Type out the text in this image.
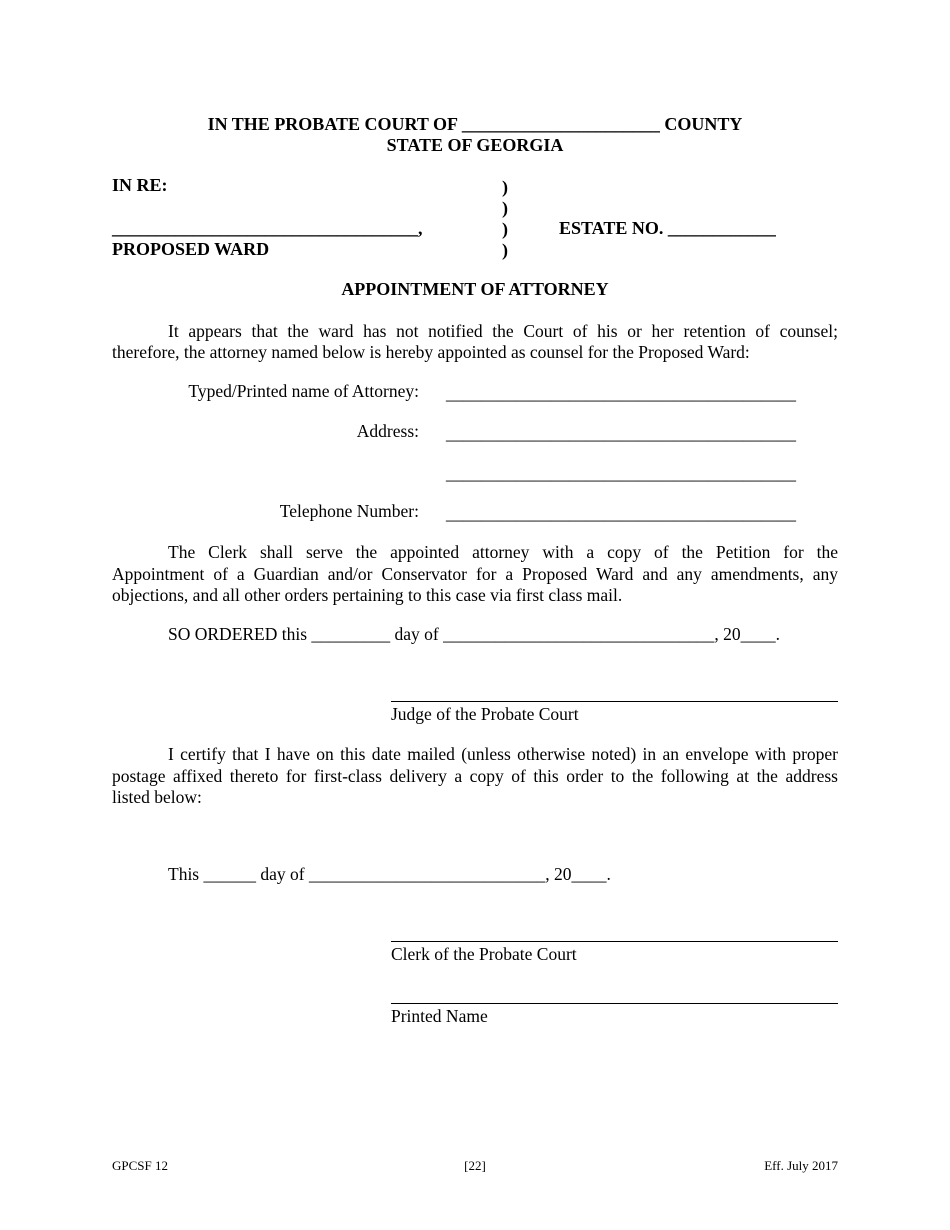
IN THE PROBATE COURT OF ______________________ COUNTY
STATE OF GEORGIA
IN RE:
__________________________________,
PROPOSED WARD
)
)
)
)
ESTATE NO. ____________
APPOINTMENT OF ATTORNEY
It appears that the ward has not notified the Court of his or her retention of counsel;
therefore, the attorney named below is hereby appointed as counsel for the Proposed Ward:
Typed/Printed name of Attorney: ________________________________________
Address: ________________________________________
________________________________________
Telephone Number: ________________________________________
The Clerk shall serve the appointed attorney with a copy of the Petition for the
Appointment of a Guardian and/or Conservator for a Proposed Ward and any amendments, any
objections, and all other orders pertaining to this case via first class mail.
SO ORDERED this _________ day of _______________________________, 20____.
Judge of the Probate Court
I certify that I have on this date mailed (unless otherwise noted) in an envelope with proper
postage affixed thereto for first-class delivery a copy of this order to the following at the address
listed below:
This ______ day of ___________________________, 20____.
Clerk of the Probate Court
Printed Name
GPCSF 12	[22]	Eff. July 2017
